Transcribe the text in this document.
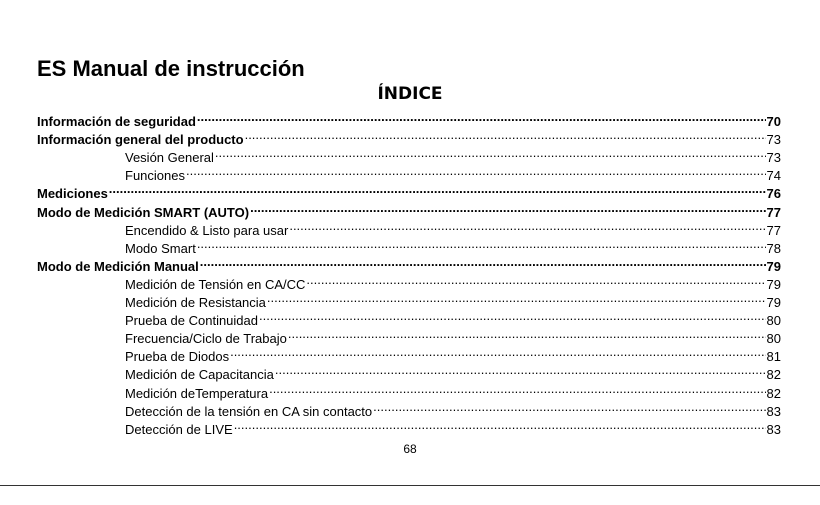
ES Manual de instrucción
ÍNDICE
Información de seguridad .....	70
Información general del producto .....	73
Vesión General .....	73
Funciones .....	74
Mediciones .....	76
Modo de Medición SMART (AUTO) .....	77
Encendido & Listo para usar .....	77
Modo Smart .....	78
Modo de Medición Manual .....	79
Medición de Tensión en CA/CC .....	79
Medición de Resistancia .....	79
Prueba de Continuidad .....	80
Frecuencia/Ciclo de Trabajo .....	80
Prueba de Diodos .....	81
Medición de Capacitancia .....	82
Medición deTemperatura .....	82
Detección de la tensión en CA sin contacto .....	83
Detección de LIVE .....	83
68
